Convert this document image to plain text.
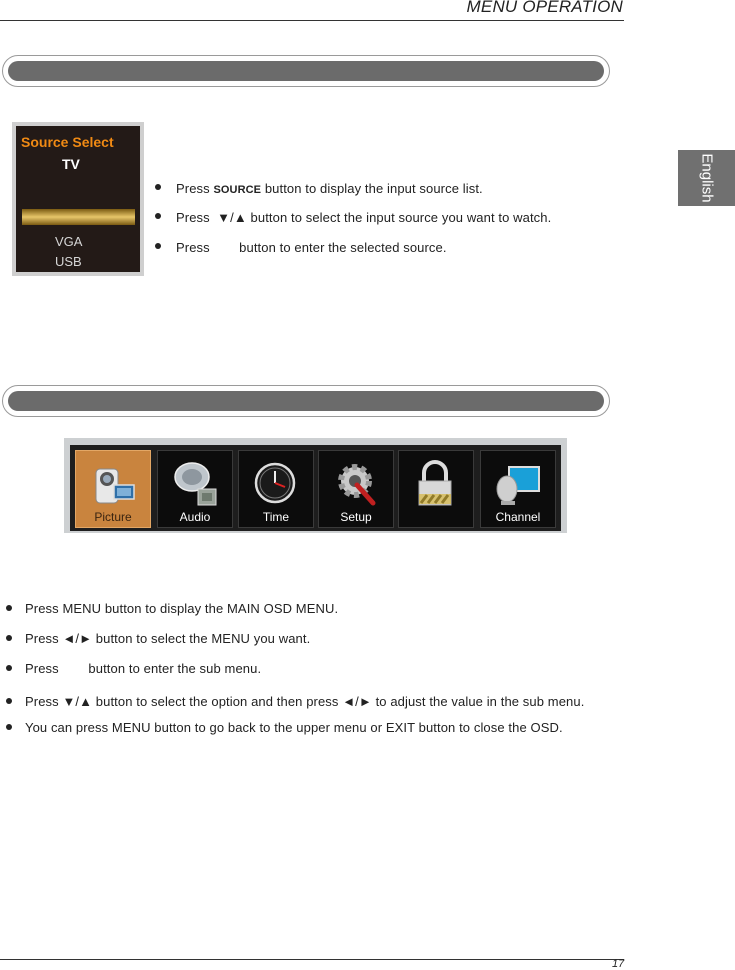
MENU OPERATION
English
Source Select
TV
VGA
USB
Press SOURCE button to display the input source list.
Press ▼/▲ button to select the input source you want to watch.
Press button to enter the selected source.
Picture	Audio	Time	Setup	Channel
Press MENU button to display the MAIN OSD MENU.
Press ◄/► button to select the MENU you want.
Press        button to enter the sub menu.
Press ▼/▲ button to select the option and then press ◄/► to adjust the value in the sub menu.
You can press MENU button to go back to the upper menu or EXIT button to close the OSD.
17
